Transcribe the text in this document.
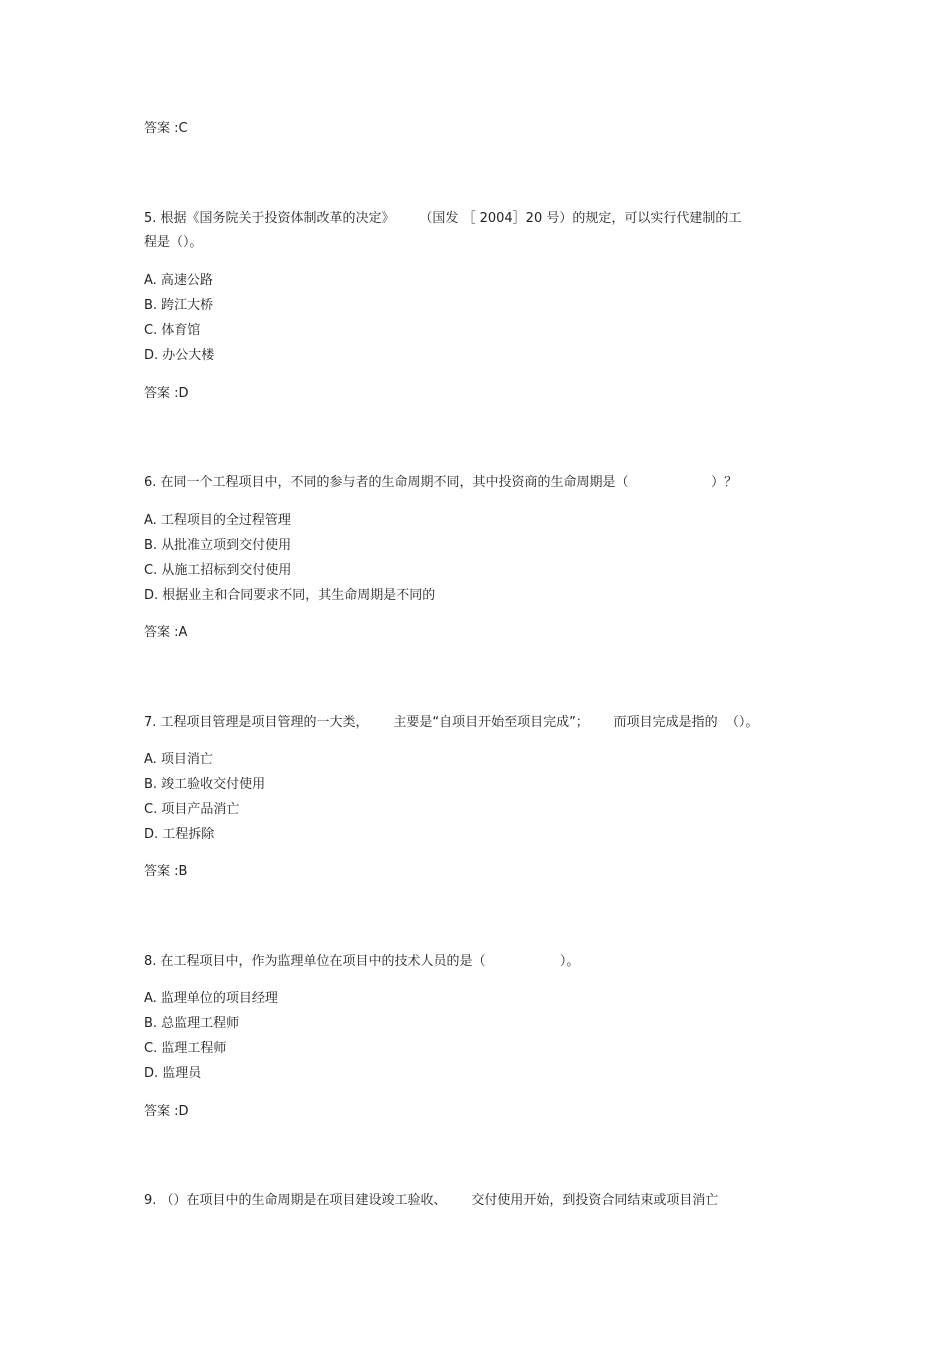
答案 :C
5. 根据《国务院关于投资体制改革的决定》      （国发 ［ 2004］20 号）的规定，可以实行代建制的工
程是（）。
A. 高速公路
B. 跨江大桥
C. 体育馆
D. 办公大楼
答案 :D
6. 在同一个工程项目中，不同的参与者的生命周期不同，其中投资商的生命周期是（                    ）？
A. 工程项目的全过程管理
B. 从批准立项到交付使用
C. 从施工招标到交付使用
D. 根据业主和合同要求不同，其生命周期是不同的
答案 :A
7. 工程项目管理是项目管理的一大类，      主要是“自项目开始至项目完成”；      而项目完成是指的  （）。
A. 项目消亡
B. 竣工验收交付使用
C. 项目产品消亡
D. 工程拆除
答案 :B
8. 在工程项目中，作为监理单位在项目中的技术人员的是（                  ）。
A. 监理单位的项目经理
B. 总监理工程师
C. 监理工程师
D. 监理员
答案 :D
9. （）在项目中的生命周期是在项目建设竣工验收、      交付使用开始，到投资合同结束或项目消亡
